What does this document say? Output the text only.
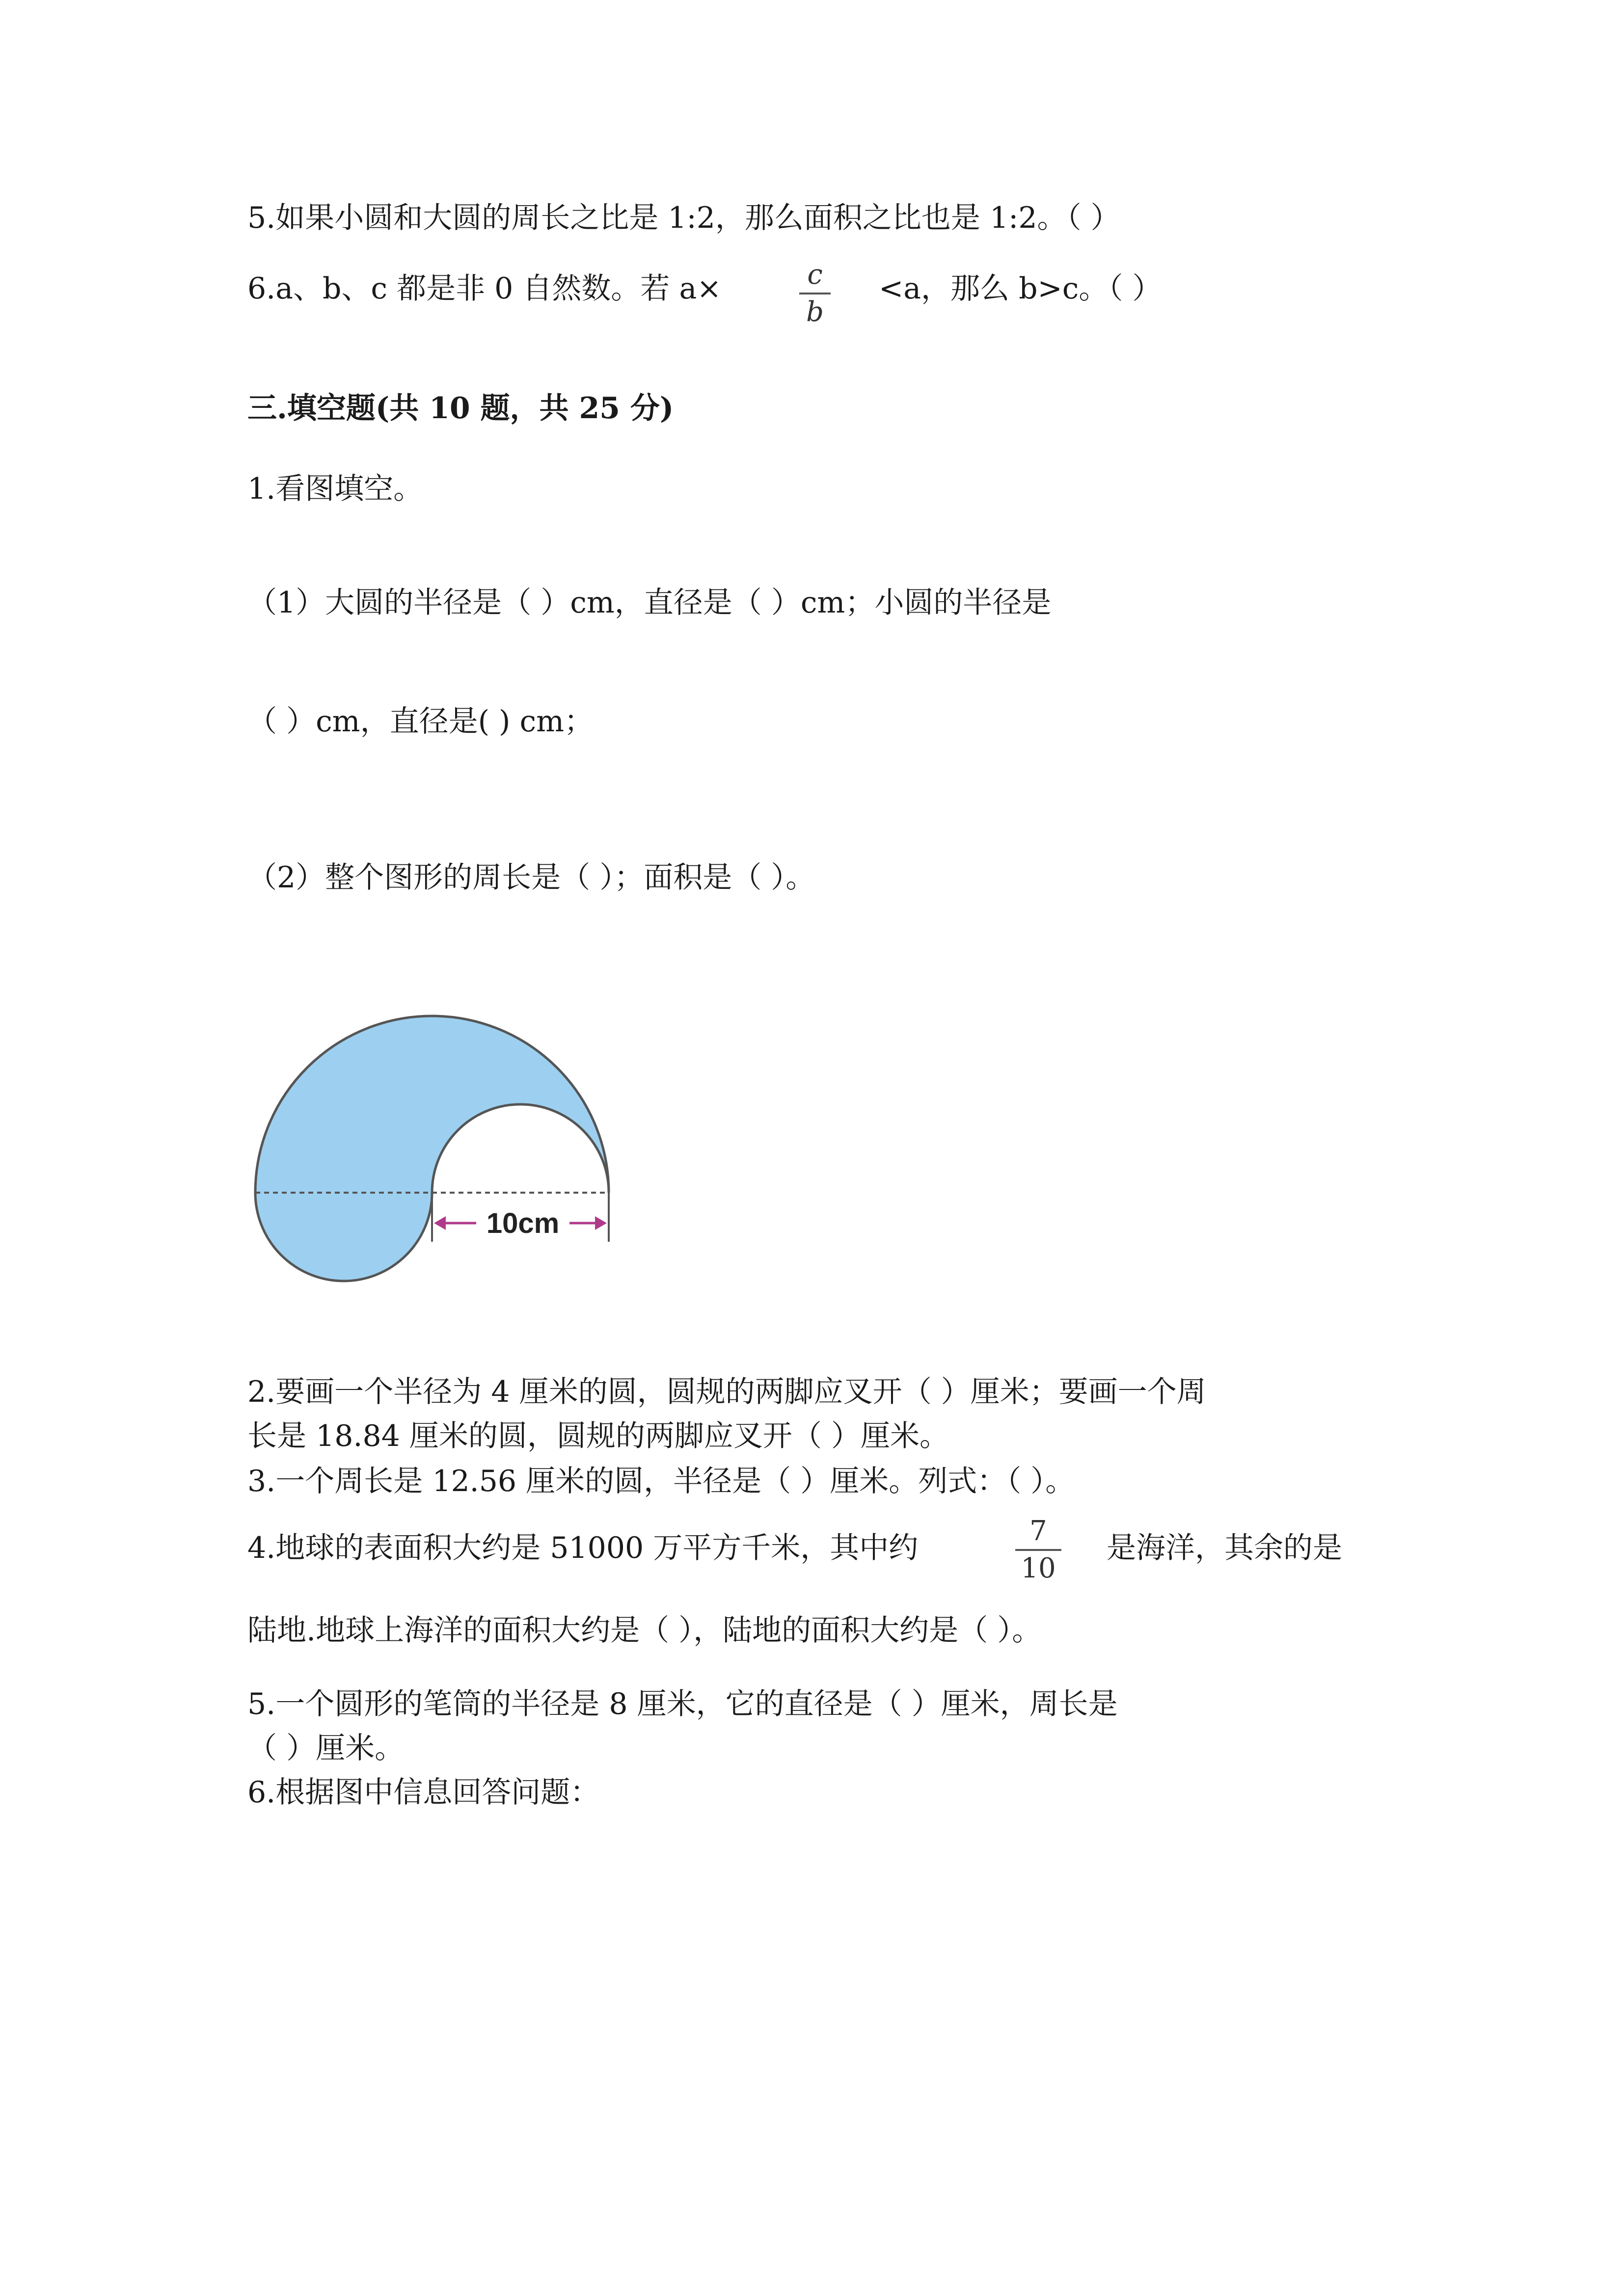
5.如果小圆和大圆的周长之比是 1:2，那么面积之比也是 1:2。（ ）
6.a、b、c 都是非 0 自然数。若 a×	c
b
<a，那么 b>c。（ ）
三.填空题(共 10 题，共 25 分)
1.看图填空。
（1）大圆的半径是（ ）cm，直径是（ ）cm；小圆的半径是
（ ）cm，直径是( ) cm；
（2）整个图形的周长是（ ）；面积是（ ）。
10cm
2.要画一个半径为 4 厘米的圆，圆规的两脚应叉开（ ）厘米；要画一个周
长是 18.84 厘米的圆，圆规的两脚应叉开（ ）厘米。
3.一个周长是 12.56 厘米的圆，半径是（ ）厘米。列式：（ ）。
4.地球的表面积大约是 51000 万平方千米，其中约	7
10
是海洋，其余的是
陆地.地球上海洋的面积大约是（ ），陆地的面积大约是（ ）。
5.一个圆形的笔筒的半径是 8 厘米，它的直径是（ ）厘米，周长是
（ ）厘米。
6.根据图中信息回答问题：
